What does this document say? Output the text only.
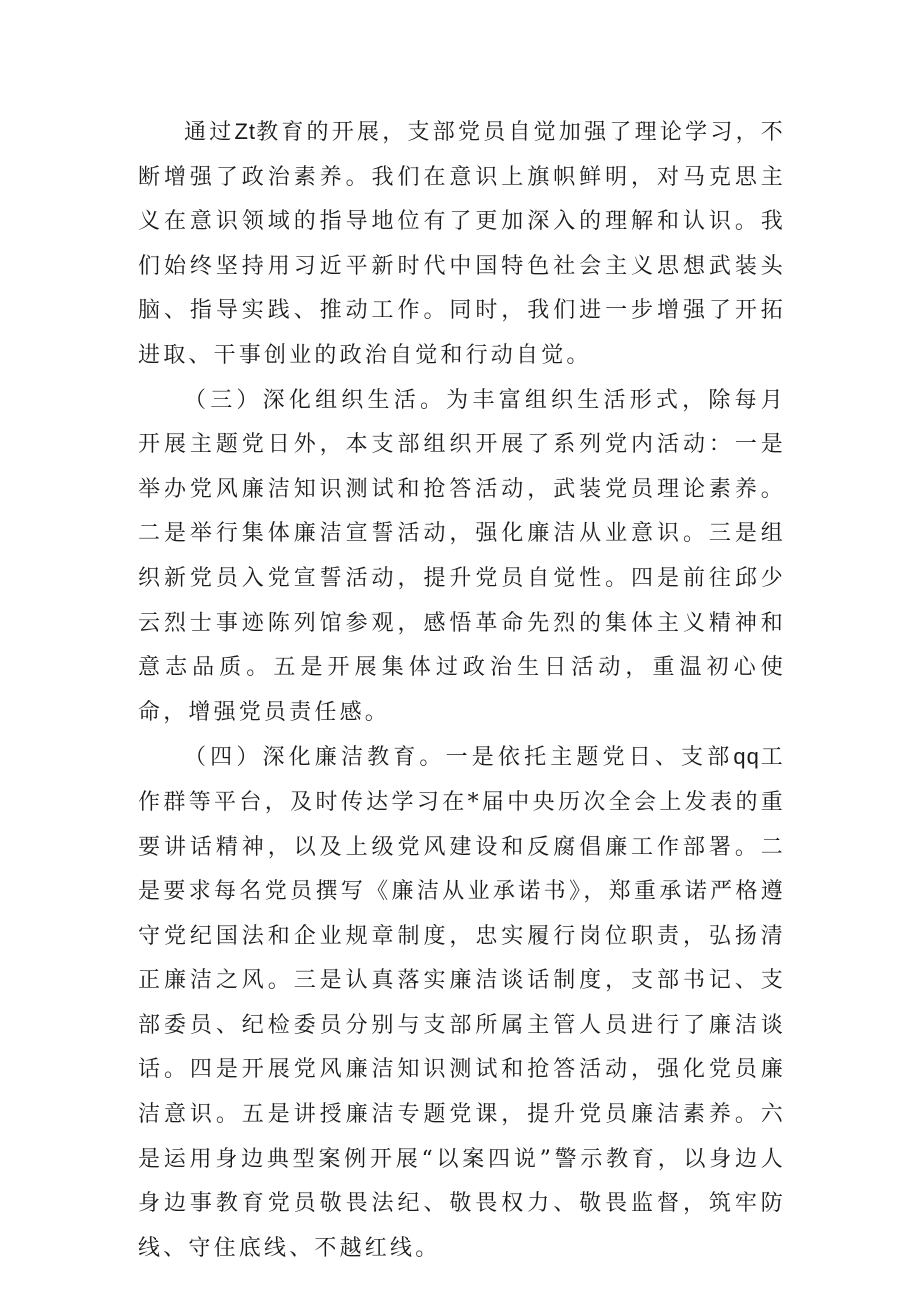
通过Zt教育的开展，支部党员自觉加强了理论学习，不断增强了政治素养。我们在意识上旗帜鲜明，对马克思主义在意识领域的指导地位有了更加深入的理解和认识。我们始终坚持用习近平新时代中国特色社会主义思想武装头脑、指导实践、推动工作。同时，我们进一步增强了开拓进取、干事创业的政治自觉和行动自觉。

（三）深化组织生活。为丰富组织生活形式，除每月开展主题党日外，本支部组织开展了系列党内活动：一是举办党风廉洁知识测试和抢答活动，武装党员理论素养。二是举行集体廉洁宣誓活动，强化廉洁从业意识。三是组织新党员入党宣誓活动，提升党员自觉性。四是前往邱少云烈士事迹陈列馆参观，感悟革命先烈的集体主义精神和意志品质。五是开展集体过政治生日活动，重温初心使命，增强党员责任感。

（四）深化廉洁教育。一是依托主题党日、支部qq工作群等平台，及时传达学习在*届中央历次全会上发表的重要讲话精神，以及上级党风建设和反腐倡廉工作部署。二是要求每名党员撰写《廉洁从业承诺书》，郑重承诺严格遵守党纪国法和企业规章制度，忠实履行岗位职责，弘扬清正廉洁之风。三是认真落实廉洁谈话制度，支部书记、支部委员、纪检委员分别与支部所属主管人员进行了廉洁谈话。四是开展党风廉洁知识测试和抢答活动，强化党员廉洁意识。五是讲授廉洁专题党课，提升党员廉洁素养。六是运用身边典型案例开展“以案四说”警示教育，以身边人身边事教育党员敬畏法纪、敬畏权力、敬畏监督，筑牢防线、守住底线、不越红线。
